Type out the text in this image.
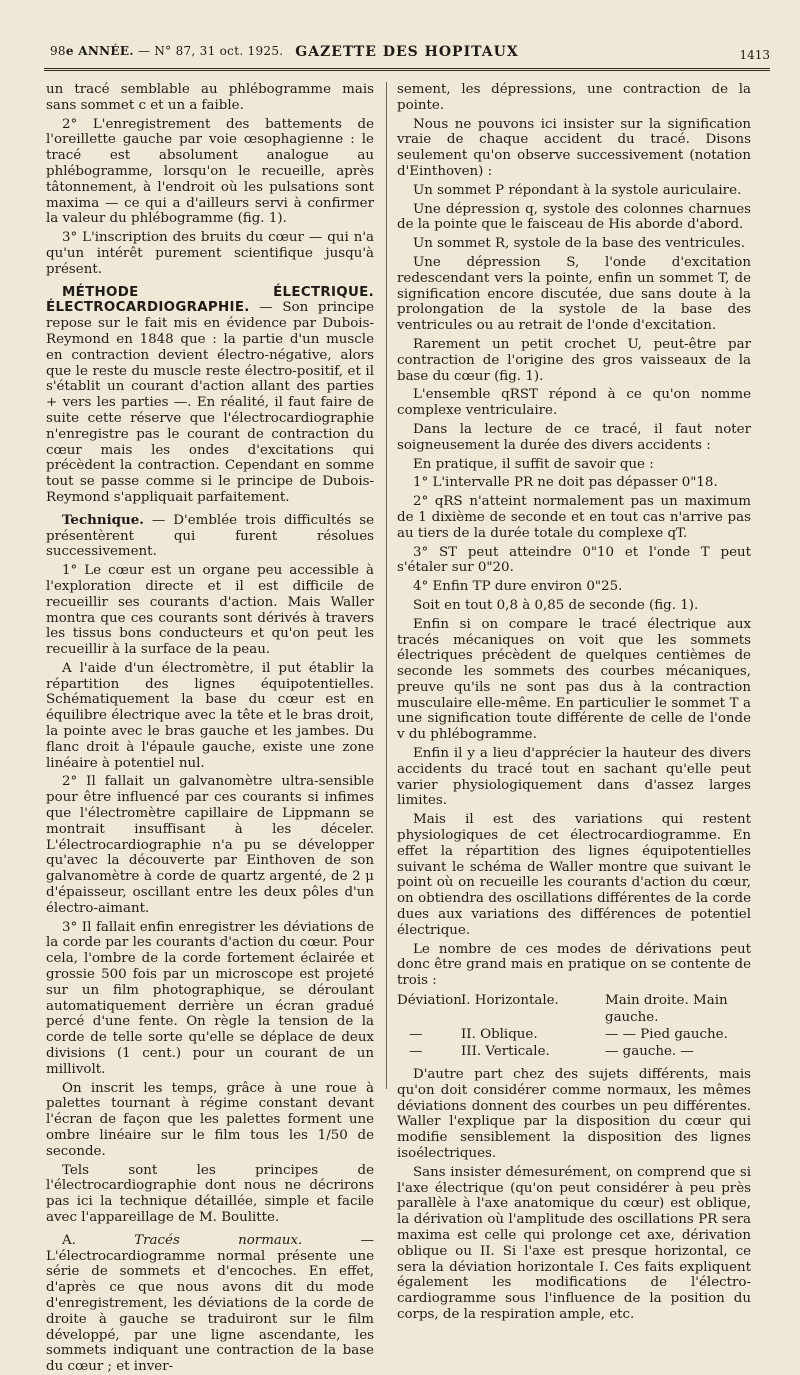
98e ANNÉE. — N° 87, 31 oct. 1925. GAZETTE DES HOPITAUX	1413

un tracé semblable au phlébogramme mais sans sommet c et un a faible.

2° L'enregistrement des battements de l'oreillette gauche par voie œsophagienne : le tracé est absolument analogue au phlébogramme, lorsqu'on le recueille, après tâtonnement, à l'endroit où les pulsations sont maxima — ce qui a d'ailleurs servi à confirmer la valeur du phlébogramme (fig. 1).

3° L'inscription des bruits du cœur — qui n'a qu'un intérêt purement scientifique jusqu'à présent.

MÉTHODE ÉLECTRIQUE. ÉLECTROCARDIOGRAPHIE. — Son principe repose sur le fait mis en évidence par Dubois-Reymond en 1848 que : la partie d'un muscle en contraction devient électro-négative, alors que le reste du muscle reste électro-positif, et il s'établit un courant d'action allant des parties + vers les parties —. En réalité, il faut faire de suite cette réserve que l'électrocardiographie n'enregistre pas le courant de contraction du cœur mais les ondes d'excitations qui précèdent la contraction. Cependant en somme tout se passe comme si le principe de Dubois-Reymond s'appliquait parfaitement.

Technique. — D'emblée trois difficultés se présentèrent qui furent résolues successivement.

1° Le cœur est un organe peu accessible à l'exploration directe et il est difficile de recueillir ses courants d'action. Mais Waller montra que ces courants sont dérivés à travers les tissus bons conducteurs et qu'on peut les recueillir à la surface de la peau.

A l'aide d'un électromètre, il put établir la répartition des lignes équipotentielles. Schématiquement la base du cœur est en équilibre électrique avec la tête et le bras droit, la pointe avec le bras gauche et les jambes. Du flanc droit à l'épaule gauche, existe une zone linéaire à potentiel nul.

2° Il fallait un galvanomètre ultra-sensible pour être influencé par ces courants si infimes que l'électromètre capillaire de Lippmann se montrait insuffisant à les déceler. L'électrocardiographie n'a pu se développer qu'avec la découverte par Einthoven de son galvanomètre à corde de quartz argenté, de 2 μ d'épaisseur, oscillant entre les deux pôles d'un électro-aimant.

3° Il fallait enfin enregistrer les déviations de la corde par les courants d'action du cœur. Pour cela, l'ombre de la corde fortement éclairée et grossie 500 fois par un microscope est projeté sur un film photographique, se déroulant automatiquement derrière un écran gradué percé d'une fente. On règle la tension de la corde de telle sorte qu'elle se déplace de deux divisions (1 cent.) pour un courant de un millivolt.

On inscrit les temps, grâce à une roue à palettes tournant à régime constant devant l'écran de façon que les palettes forment une ombre linéaire sur le film tous les 1/50 de seconde.

Tels sont les principes de l'électrocardiographie dont nous ne décrirons pas ici la technique détaillée, simple et facile avec l'appareillage de M. Boulitte.

A. Tracés normaux. — L'électrocardiogramme normal présente une série de sommets et d'encoches. En effet, d'après ce que nous avons dit du mode d'enregistrement, les déviations de la corde de droite à gauche se traduiront sur le film développé, par une ligne ascendante, les sommets indiquant une contraction de la base du cœur ; et inver-

sement, les dépressions, une contraction de la pointe.

Nous ne pouvons ici insister sur la signification vraie de chaque accident du tracé. Disons seulement qu'on observe successivement (notation d'Einthoven) :

Un sommet P répondant à la systole auriculaire.

Une dépression q, systole des colonnes charnues de la pointe que le faisceau de His aborde d'abord.

Un sommet R, systole de la base des ventricules.

Une dépression S, l'onde d'excitation redescendant vers la pointe, enfin un sommet T, de signification encore discutée, due sans doute à la prolongation de la systole de la base des ventricules ou au retrait de l'onde d'excitation.

Rarement un petit crochet U, peut-être par contraction de l'origine des gros vaisseaux de la base du cœur (fig. 1).

L'ensemble qRST répond à ce qu'on nomme complexe ventriculaire.

Dans la lecture de ce tracé, il faut noter soigneusement la durée des divers accidents :

En pratique, il suffit de savoir que :

1° L'intervalle PR ne doit pas dépasser 0"18.

2° qRS n'atteint normalement pas un maximum de 1 dixième de seconde et en tout cas n'arrive pas au tiers de la durée totale du complexe qT.

3° ST peut atteindre 0"10 et l'onde T peut s'étaler sur 0"20.

4° Enfin TP dure environ 0"25.

Soit en tout 0,8 à 0,85 de seconde (fig. 1).

Enfin si on compare le tracé électrique aux tracés mécaniques on voit que les sommets électriques précèdent de quelques centièmes de seconde les sommets des courbes mécaniques, preuve qu'ils ne sont pas dus à la contraction musculaire elle-même. En particulier le sommet T a une signification toute différente de celle de l'onde v du phlébogramme.

Enfin il y a lieu d'apprécier la hauteur des divers accidents du tracé tout en sachant qu'elle peut varier physiologiquement dans d'assez larges limites.

Mais il est des variations qui restent physiologiques de cet électrocardiogramme. En effet la répartition des lignes équipotentielles suivant le schéma de Waller montre que suivant le point où on recueille les courants d'action du cœur, on obtiendra des oscillations différentes de la corde dues aux variations des différences de potentiel électrique.

Le nombre de ces modes de dérivations peut donc être grand mais en pratique on se contente de trois :

Déviation I. Horizontale.	Main droite. Main gauche.
—	II. Oblique.	— — Pied gauche.
—	III. Verticale.	— gauche. —

D'autre part chez des sujets différents, mais qu'on doit considérer comme normaux, les mêmes déviations donnent des courbes un peu différentes. Waller l'explique par la disposition du cœur qui modifie sensiblement la disposition des lignes isoélectriques.

Sans insister démesurément, on comprend que si l'axe électrique (qu'on peut considérer à peu près parallèle à l'axe anatomique du cœur) est oblique, la dérivation où l'amplitude des oscillations PR sera maxima est celle qui prolonge cet axe, dérivation oblique ou II. Si l'axe est presque horizontal, ce sera la déviation horizontale I. Ces faits expliquent également les modifications de l'électro-cardiogramme sous l'influence de la position du corps, de la respiration ample, etc.
